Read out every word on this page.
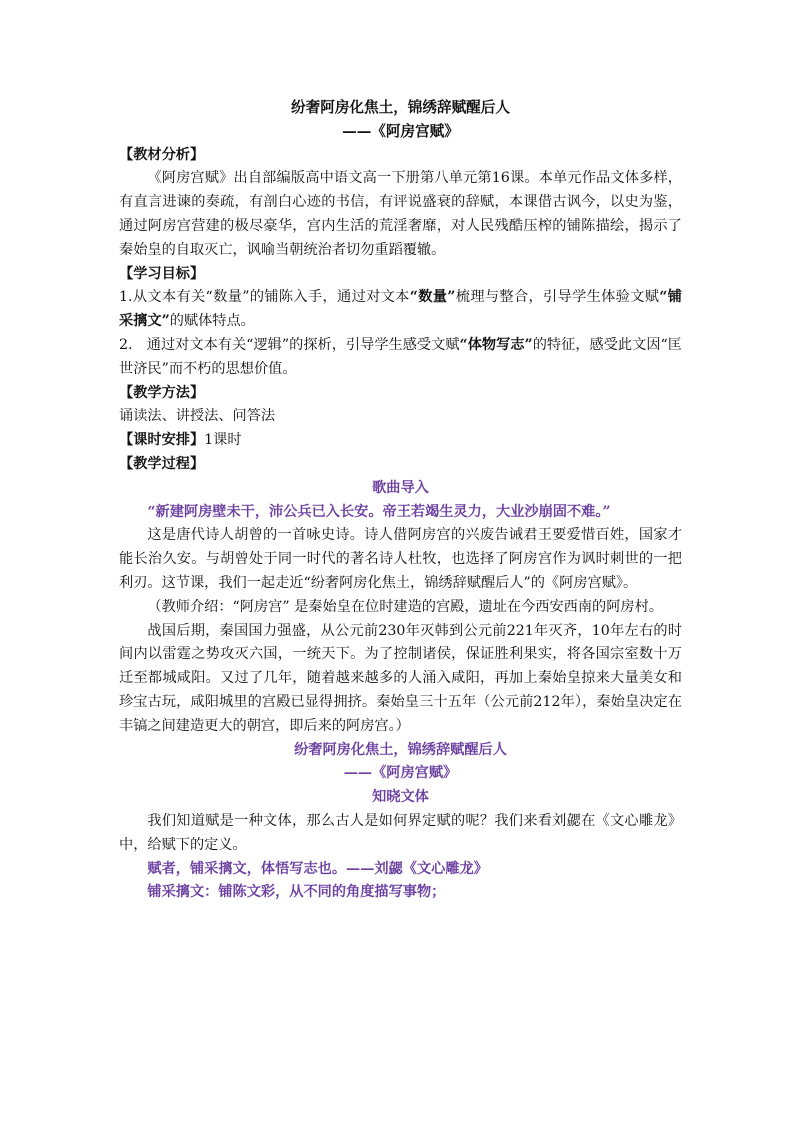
纷奢阿房化焦土，锦绣辞赋醒后人

——《阿房宫赋》

【教材分析】

《阿房宫赋》出自部编版高中语文高一下册第八单元第16课。本单元作品文体多样，有直言进谏的奏疏，有剖白心迹的书信，有评说盛衰的辞赋，本课借古讽今，以史为鉴，通过阿房宫营建的极尽豪华，宫内生活的荒淫奢靡，对人民残酷压榨的铺陈描绘，揭示了秦始皇的自取灭亡，讽喻当朝统治者切勿重蹈覆辙。

【学习目标】

1.从文本有关“数量”的铺陈入手，通过对文本“数量”梳理与整合，引导学生体验文赋“铺采摛文”的赋体特点。

2.　通过对文本有关“逻辑”的探析，引导学生感受文赋“体物写志”的特征，感受此文因“匡世济民”而不朽的思想价值。

【教学方法】

诵读法、讲授法、问答法

【课时安排】1课时

【教学过程】

歌曲导入

“新建阿房壁未干，沛公兵已入长安。帝王若竭生灵力，大业沙崩固不难。”

这是唐代诗人胡曾的一首咏史诗。诗人借阿房宫的兴废告诫君王要爱惜百姓，国家才能长治久安。与胡曾处于同一时代的著名诗人杜牧，也选择了阿房宫作为讽时刺世的一把利刃。这节课，我们一起走近“纷奢阿房化焦土，锦绣辞赋醒后人”的《阿房宫赋》。

（教师介绍：“阿房宫” 是秦始皇在位时建造的宫殿，遗址在今西安西南的阿房村。

战国后期，秦国国力强盛，从公元前230年灭韩到公元前221年灭齐，10年左右的时间内以雷霆之势攻灭六国，一统天下。为了控制诸侯，保证胜利果实，将各国宗室数十万迁至都城咸阳。又过了几年，随着越来越多的人涌入咸阳，再加上秦始皇掠来大量美女和珍宝古玩，咸阳城里的宫殿已显得拥挤。秦始皇三十五年（公元前212年），秦始皇决定在丰镐之间建造更大的朝宫，即后来的阿房宫。）

纷奢阿房化焦土，锦绣辞赋醒后人

——《阿房宫赋》

知晓文体

我们知道赋是一种文体，那么古人是如何界定赋的呢？我们来看刘勰在《文心雕龙》中，给赋下的定义。

赋者，铺采摛文，体悟写志也。——刘勰《文心雕龙》

铺采摛文：铺陈文彩，从不同的角度描写事物；
